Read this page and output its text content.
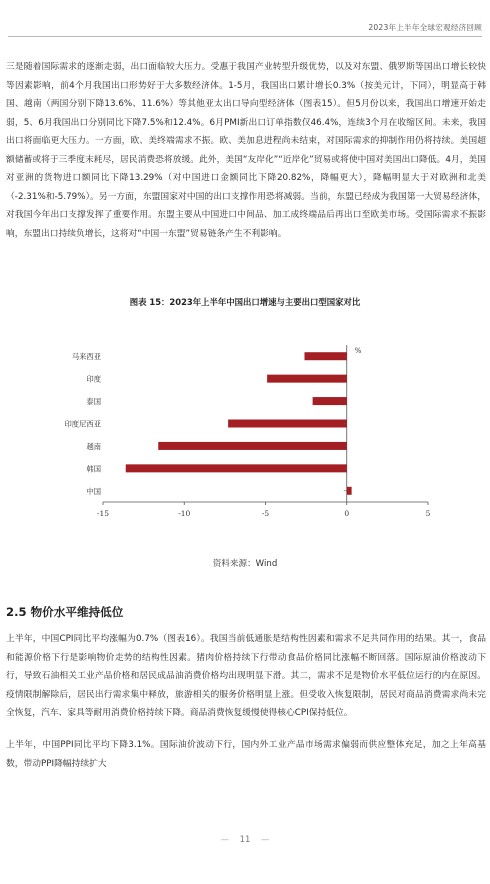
2023年上半年全球宏观经济回顾

三是随着国际需求的逐渐走弱，出口面临较大压力。受惠于我国产业转型升级优势，以及对东盟、俄罗斯等国出口增长较快等因素影响，前4个月我国出口形势好于大多数经济体。1-5月，我国出口累计增长0.3%（按美元计，下同），明显高于韩国、越南（两国分别下降13.6%、11.6%）等其他亚太出口导向型经济体（图表15）。但5月份以来，我国出口增速开始走弱，5、6月我国出口分别同比下降7.5%和12.4%。6月PMI新出口订单指数仅46.4%，连续3个月在收缩区间。未来，我国出口将面临更大压力。一方面，欧、美终端需求不振。欧、美加息进程尚未结束，对国际需求的抑制作用仍将持续。美国超额储蓄或将于三季度末耗尽，居民消费恐将放缓。此外，美国“友岸化”“近岸化”贸易或将使中国对美国出口降低。4月，美国对亚洲的货物进口额同比下降13.29%（对中国进口金额同比下降20.82%，降幅更大），降幅明显大于对欧洲和北美（-2.31%和-5.79%）。另一方面，东盟国家对中国的出口支撑作用恐将减弱。当前，东盟已经成为我国第一大贸易经济体，对我国今年出口支撑发挥了重要作用。东盟主要从中国进口中间品、加工成终端品后再出口至欧美市场。受国际需求不振影响，东盟出口持续负增长，这将对“中国一东盟”贸易链条产生不利影响。

图表 15：2023年上半年中国出口增速与主要出口型国家对比
-15	-10	-5	0	5
%
马来西亚
印度
泰国
印度尼西亚
越南
韩国
中国
资料来源：Wind
2.5 物价水平维持低位

上半年，中国CPI同比平均涨幅为0.7%（图表16）。我国当前低通胀是结构性因素和需求不足共同作用的结果。其一，食品和能源价格下行是影响物价走势的结构性因素。猪肉价格持续下行带动食品价格同比涨幅不断回落。国际原油价格波动下行，导致石油相关工业产品价格和居民成品油消费价格均出现明显下滑。其二，需求不足是物价水平低位运行的内在原因。疫情限制解除后，居民出行需求集中释放，旅游相关的服务价格明显上涨。但受收入恢复限制，居民对商品消费需求尚未完全恢复，汽车、家具等耐用消费价格持续下降。商品消费恢复缓慢使得核心CPI保持低位。

上半年，中国PPI同比平均下降3.1%。国际油价波动下行，国内外工业产品市场需求偏弱而供应整体充足，加之上年高基数，带动PPI降幅持续扩大

— 11 —
